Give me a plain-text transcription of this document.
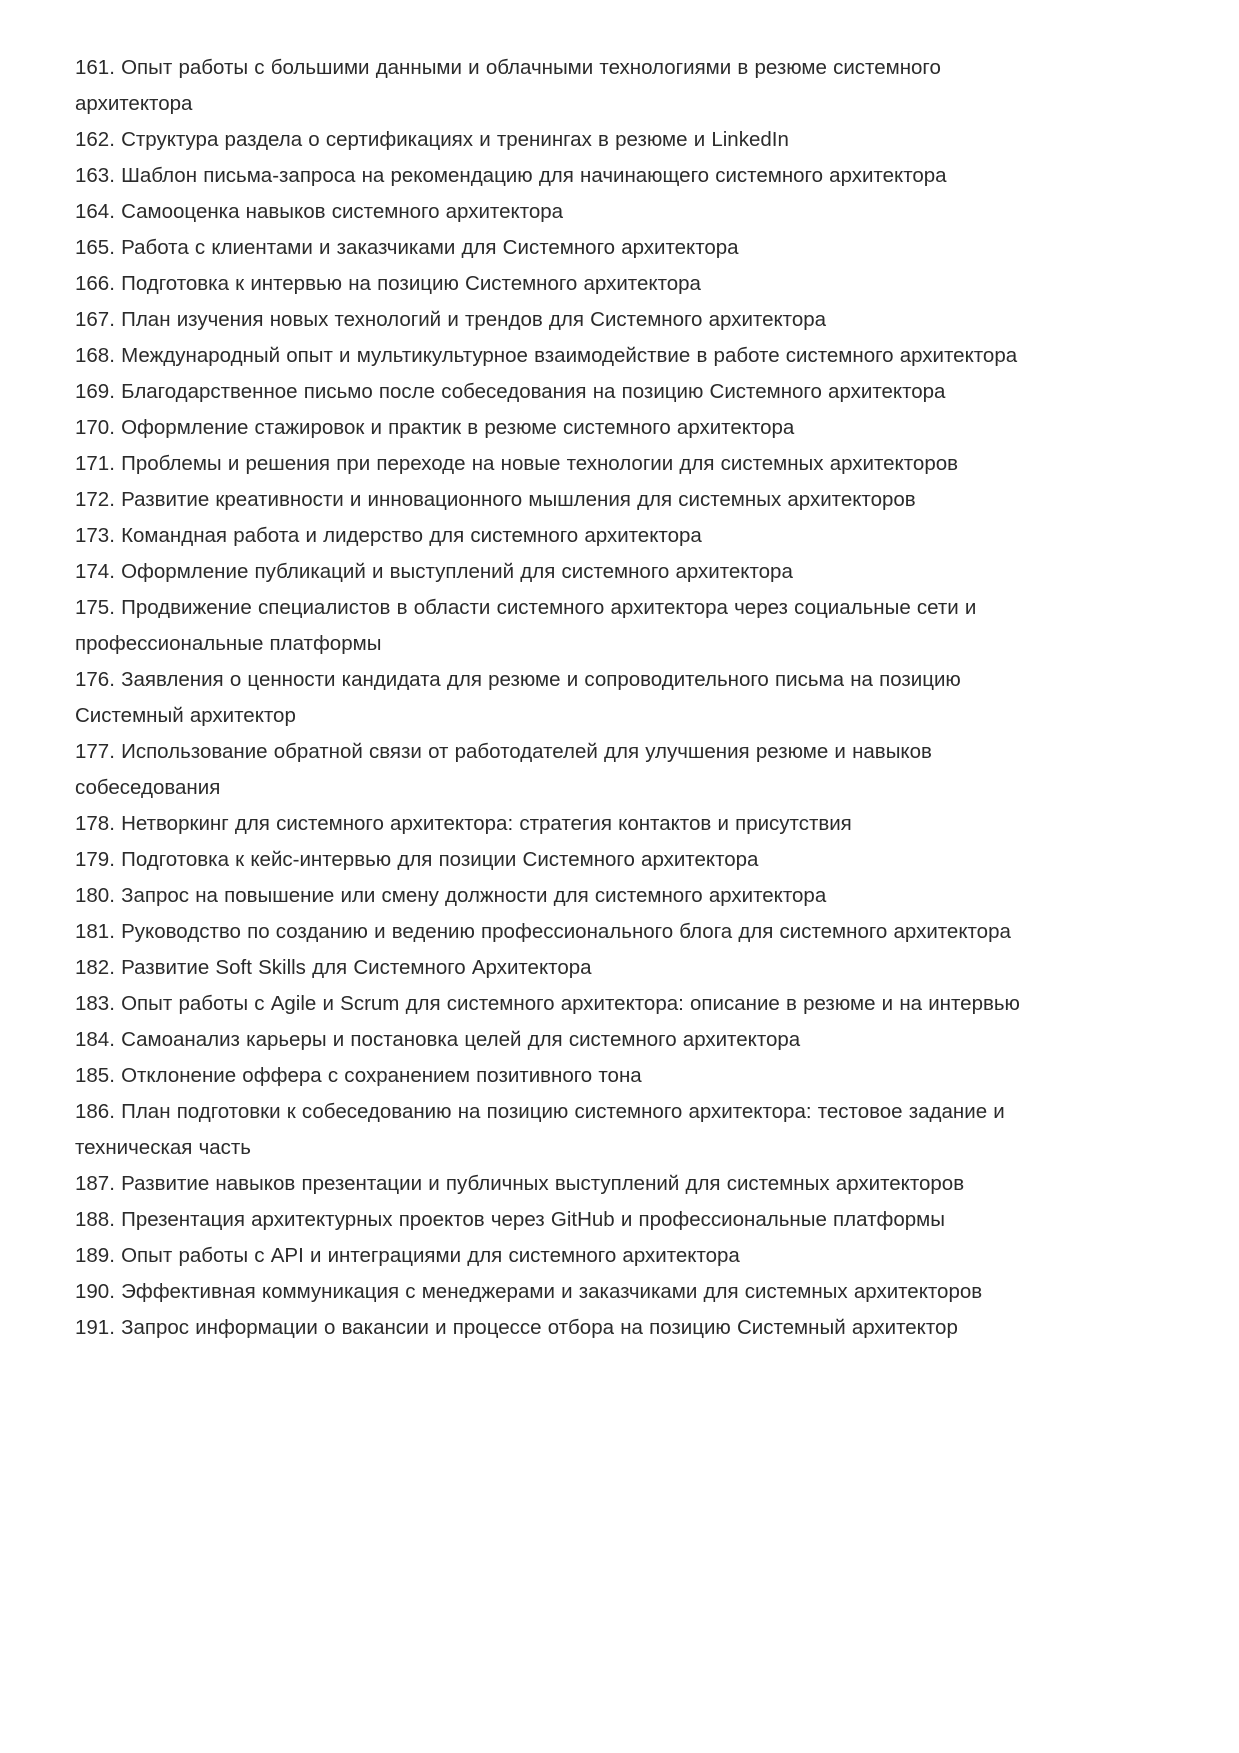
161. Опыт работы с большими данными и облачными технологиями в резюме системного архитектора

162. Структура раздела о сертификациях и тренингах в резюме и LinkedIn

163. Шаблон письма-запроса на рекомендацию для начинающего системного архитектора

164. Самооценка навыков системного архитектора

165. Работа с клиентами и заказчиками для Системного архитектора

166. Подготовка к интервью на позицию Системного архитектора

167. План изучения новых технологий и трендов для Системного архитектора

168. Международный опыт и мультикультурное взаимодействие в работе системного архитектора

169. Благодарственное письмо после собеседования на позицию Системного архитектора

170. Оформление стажировок и практик в резюме системного архитектора

171. Проблемы и решения при переходе на новые технологии для системных архитекторов

172. Развитие креативности и инновационного мышления для системных архитекторов

173. Командная работа и лидерство для системного архитектора

174. Оформление публикаций и выступлений для системного архитектора

175. Продвижение специалистов в области системного архитектора через социальные сети и профессиональные платформы

176. Заявления о ценности кандидата для резюме и сопроводительного письма на позицию Системный архитектор

177. Использование обратной связи от работодателей для улучшения резюме и навыков собеседования

178. Нетворкинг для системного архитектора: стратегия контактов и присутствия

179. Подготовка к кейс-интервью для позиции Системного архитектора

180. Запрос на повышение или смену должности для системного архитектора

181. Руководство по созданию и ведению профессионального блога для системного архитектора

182. Развитие Soft Skills для Системного Архитектора

183. Опыт работы с Agile и Scrum для системного архитектора: описание в резюме и на интервью

184. Самоанализ карьеры и постановка целей для системного архитектора

185. Отклонение оффера с сохранением позитивного тона

186. План подготовки к собеседованию на позицию системного архитектора: тестовое задание и техническая часть

187. Развитие навыков презентации и публичных выступлений для системных архитекторов

188. Презентация архитектурных проектов через GitHub и профессиональные платформы

189. Опыт работы с API и интеграциями для системного архитектора

190. Эффективная коммуникация с менеджерами и заказчиками для системных архитекторов

191. Запрос информации о вакансии и процессе отбора на позицию Системный архитектор
